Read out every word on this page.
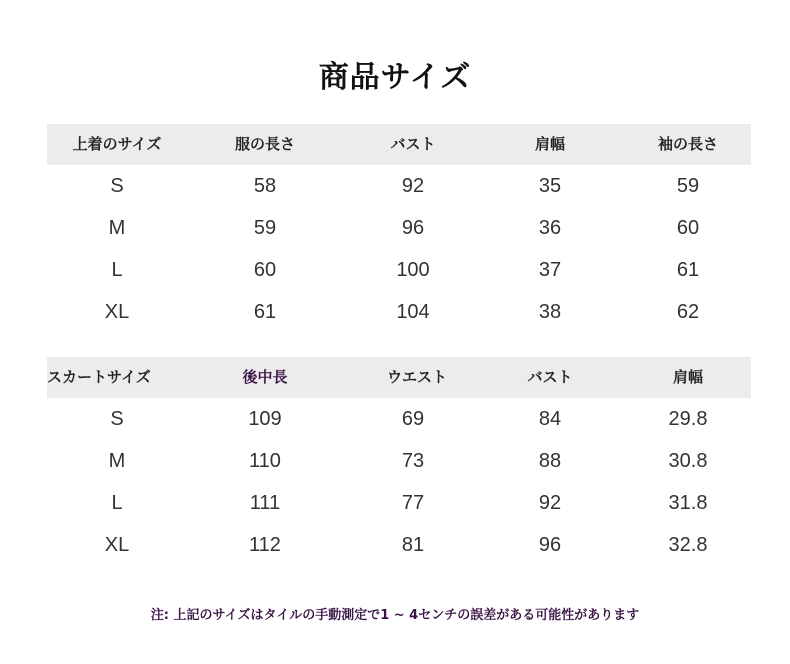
商品サイズ
上着のサイズ	服の長さ	バスト	肩幅	袖の長さ
S	58	92	35	59
M	59	96	36	60
L	60	100	37	61
XL	61	104	38	62
スカートサイズ	後中長	ウエスト	バスト	肩幅
S	109	69	84	29.8
M	110	73	88	30.8
L	111	77	92	31.8
XL	112	81	96	32.8
注: 上記のサイズはタイルの手動測定で1 ~ 4センチの誤差がある可能性があります
